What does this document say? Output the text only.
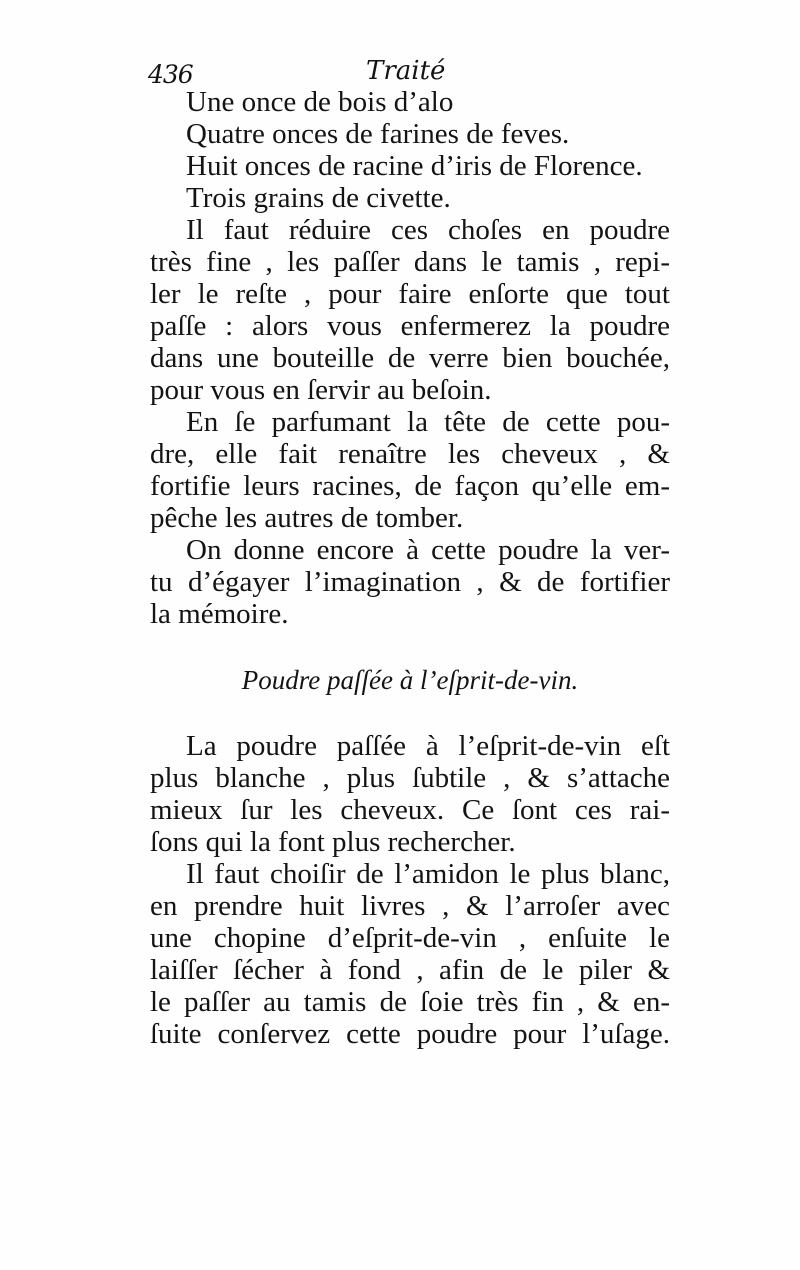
436	Traité
Une once de bois d’alo
Quatre onces de farines de feves.
Huit onces de racine d’iris de Florence.
Trois grains de civette.
Il faut réduire ces choſes en poudre
très fine , les paſſer dans le tamis , repi-
ler le reſte , pour faire enſorte que tout
paſſe : alors vous enfermerez la poudre
dans une bouteille de verre bien bouchée,
pour vous en ſervir au beſoin.
En ſe parfumant la tête de cette pou-
dre, elle fait renaître les cheveux , &
fortifie leurs racines, de façon qu’elle em-
pêche les autres de tomber.
On donne encore à cette poudre la ver-
tu d’égayer l’imagination , & de fortifier
la mémoire.
Poudre paſſée à l’eſprit-de-vin.
La poudre paſſée à l’eſprit-de-vin eſt
plus blanche , plus ſubtile , & s’attache
mieux ſur les cheveux. Ce ſont ces rai-
ſons qui la font plus rechercher.
Il faut choiſir de l’amidon le plus blanc,
en prendre huit livres , & l’arroſer avec
une chopine d’eſprit-de-vin , enſuite le
laiſſer ſécher à fond , afin de le piler &
le paſſer au tamis de ſoie très fin , & en-
ſuite conſervez cette poudre pour l’uſage.
